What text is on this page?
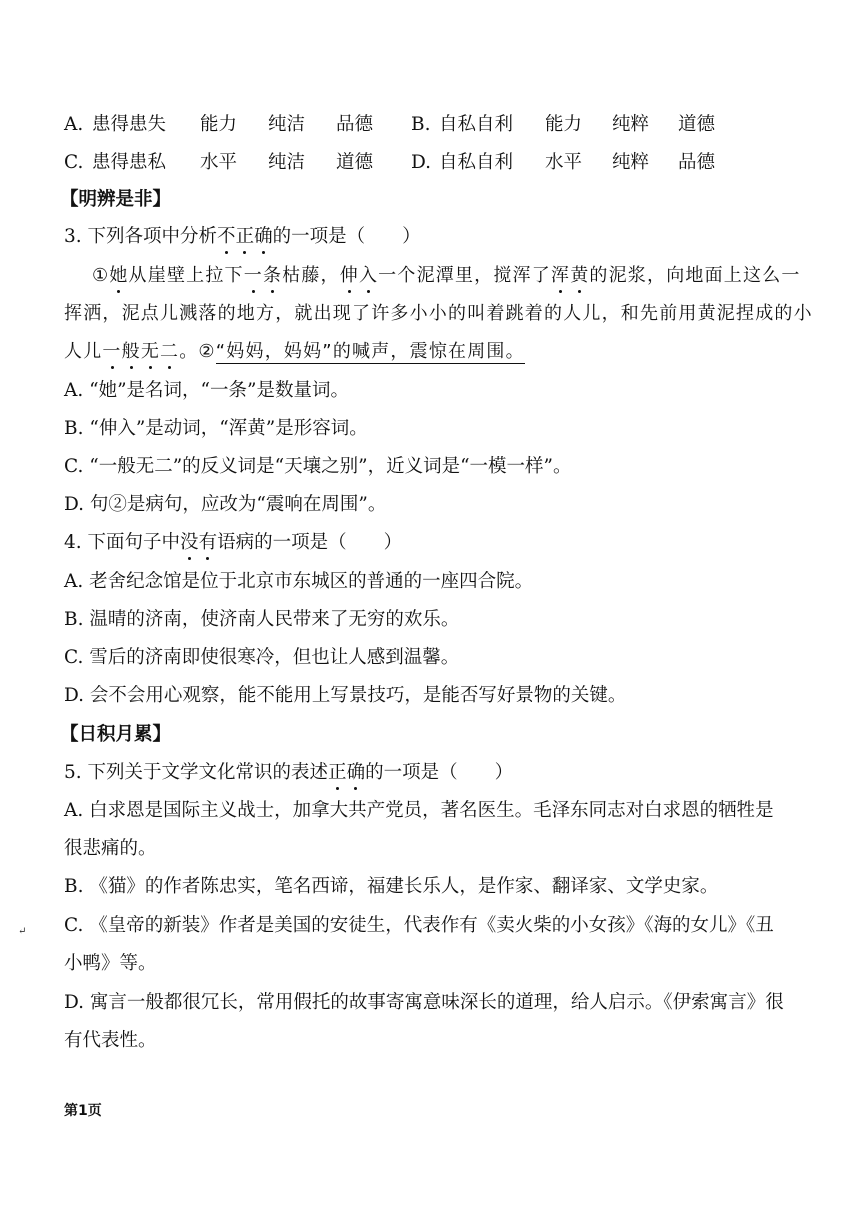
A. 患得患失 能力 纯洁 品德 B. 自私自利 能力 纯粹 道德
C. 患得患私 水平 纯洁 道德 D. 自私自利 水平 纯粹 品德
【明辨是非】
3. 下列各项中分析不正确的一项是（　　）
①她从崖壁上拉下一条枯藤，伸入一个泥潭里，搅浑了浑黄的泥浆，向地面上这么一
挥洒，泥点儿溅落的地方，就出现了许多小小的叫着跳着的人儿，和先前用黄泥捏成的小
人儿一般无二。②“妈妈，妈妈”的喊声，震惊在周围。
A. “她”是名词，“一条”是数量词。
B. “伸入”是动词，“浑黄”是形容词。
C. “一般无二”的反义词是“天壤之别”，近义词是“一模一样”。
D. 句②是病句，应改为“震响在周围”。
4. 下面句子中没有语病的一项是（　　）
A. 老舍纪念馆是位于北京市东城区的普通的一座四合院。
B. 温晴的济南，使济南人民带来了无穷的欢乐。
C. 雪后的济南即使很寒冷，但也让人感到温馨。
D. 会不会用心观察，能不能用上写景技巧，是能否写好景物的关键。
【日积月累】
5. 下列关于文学文化常识的表述正确的一项是（　　）
A. 白求恩是国际主义战士，加拿大共产党员，著名医生。毛泽东同志对白求恩的牺牲是
很悲痛的。
B. 《猫》的作者陈忠实，笔名西谛，福建长乐人，是作家、翻译家、文学史家。
C. 《皇帝的新装》作者是美国的安徒生，代表作有《卖火柴的小女孩》《海的女儿》《丑
小鸭》等。
D. 寓言一般都很冗长，常用假托的故事寄寓意味深长的道理，给人启示。《伊索寓言》很
有代表性。
↵
第1页
